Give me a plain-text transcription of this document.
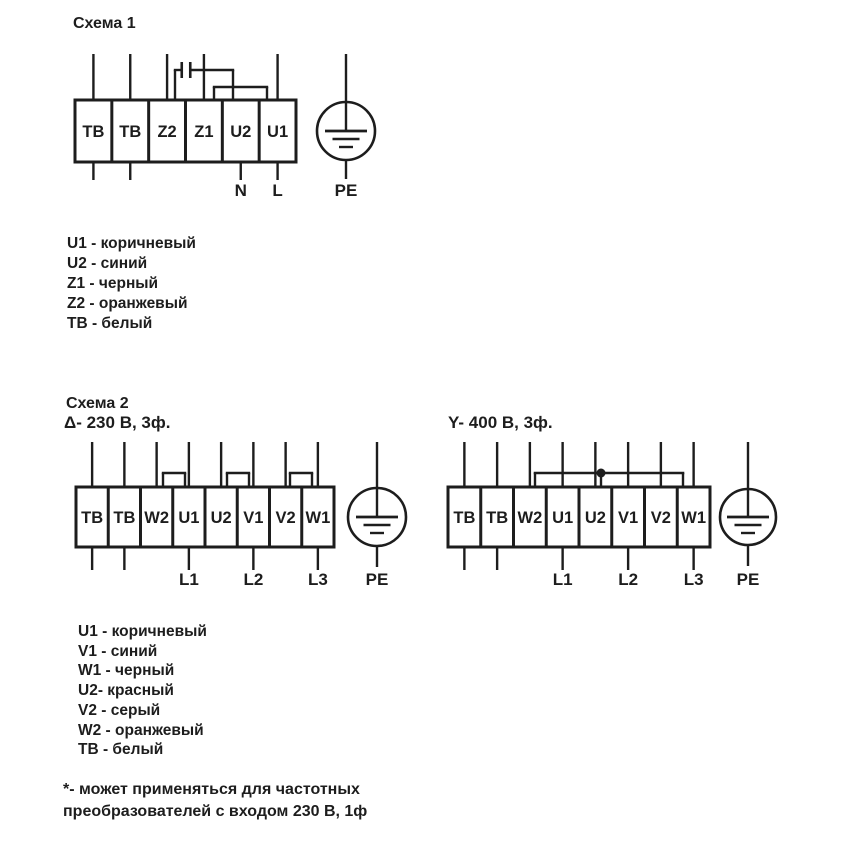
ТВ ТВ Z2 Z1 U2 U1
N L	PE
ТВ ТВ W2 U1 U2 V1 V2 W1
L1	L2	L3 PE
ТВ ТВ W2 U1 U2 V1 V2 W1
L1	L2	L3 PE
Схема 1
U1 - коричневый
U2 - синий
Z1 - черный
Z2 - оранжевый
ТВ - белый
Схема 2
Δ- 230 В, 3ф.	Y- 400 В, 3ф.
U1 - коричневый
V1 - синий
W1 - черный
U2- красный
V2 - серый
W2 - оранжевый
ТВ - белый
*- может применяться для частотных
преобразователей с входом 230 В, 1ф
